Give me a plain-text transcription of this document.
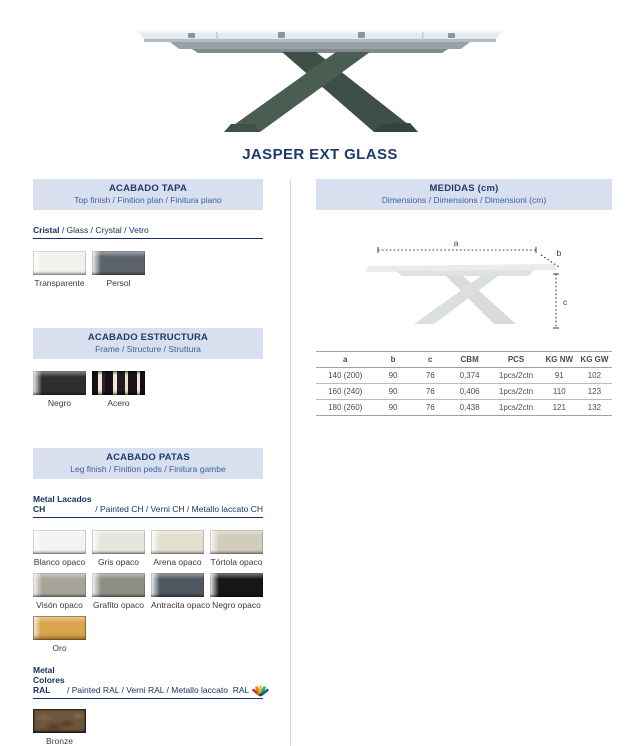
JASPER EXT GLASS
ACABADO TAPA
Top finish / Finition plan / Finitura piano
Cristal / Glass / Crystal / Vetro
Transparente	Persol
ACABADO ESTRUCTURA
Frame / Structure / Struttura
Negro	Acero
ACABADO PATAS
Leg finish / Finition peds / Finitura gambe
Metal Lacados CH	/ Painted CH / Verni CH / Metallo laccato CH
Blanco opaco	Gris opaco	Arena opaco Tórtola opaco
Visón opaco	Grafito opaco Antracita opaco Negro opaco
Oro
Metal Colores RAL	/ Painted RAL / Verni RAL / Metallo laccato  RAL
Bronze
MEDIDAS (cm)
Dimensions / Dimensions / Dimensioni (cm)
a
b
c
a	b	c	CBM	PCS	KG NW	KG GW
140 (200)	90	76	0,374	1pcs/2ctn	91	102
160 (240)	90	76	0,406	1pcs/2ctn	110	123
180 (260)	90	76	0,438	1pcs/2ctn	121	132
